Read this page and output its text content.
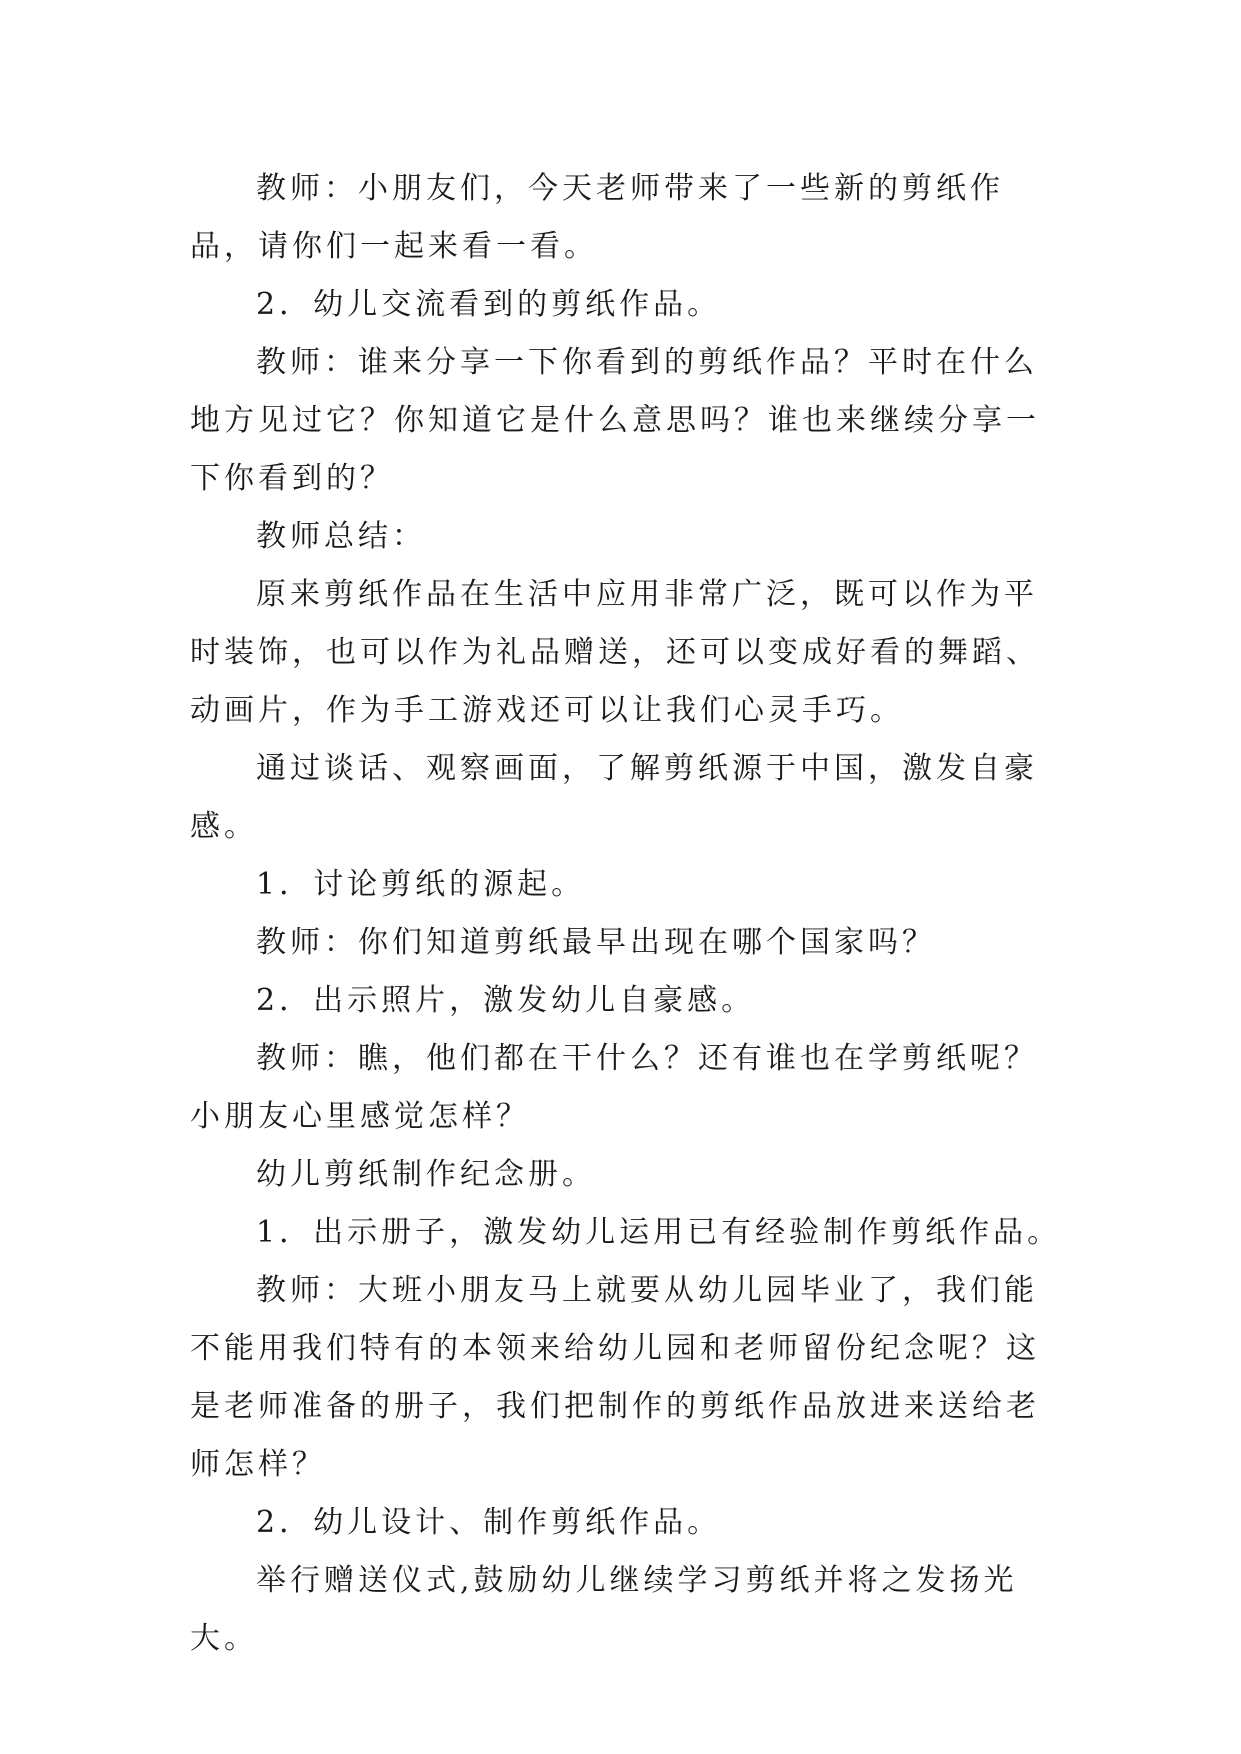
教师：小朋友们，今天老师带来了一些新的剪纸作品，请你们一起来看一看。

2．幼儿交流看到的剪纸作品。

教师：谁来分享一下你看到的剪纸作品？平时在什么地方见过它？你知道它是什么意思吗？谁也来继续分享一下你看到的？

教师总结：

原来剪纸作品在生活中应用非常广泛，既可以作为平时装饰，也可以作为礼品赠送，还可以变成好看的舞蹈、动画片，作为手工游戏还可以让我们心灵手巧。

通过谈话、观察画面，了解剪纸源于中国，激发自豪感。

1．讨论剪纸的源起。

教师：你们知道剪纸最早出现在哪个国家吗？

2．出示照片，激发幼儿自豪感。

教师：瞧，他们都在干什么？还有谁也在学剪纸呢？小朋友心里感觉怎样？

幼儿剪纸制作纪念册。

1．出示册子，激发幼儿运用已有经验制作剪纸作品。

教师：大班小朋友马上就要从幼儿园毕业了，我们能不能用我们特有的本领来给幼儿园和老师留份纪念呢？这是老师准备的册子，我们把制作的剪纸作品放进来送给老师怎样？

2．幼儿设计、制作剪纸作品。

举行赠送仪式,鼓励幼儿继续学习剪纸并将之发扬光大。
